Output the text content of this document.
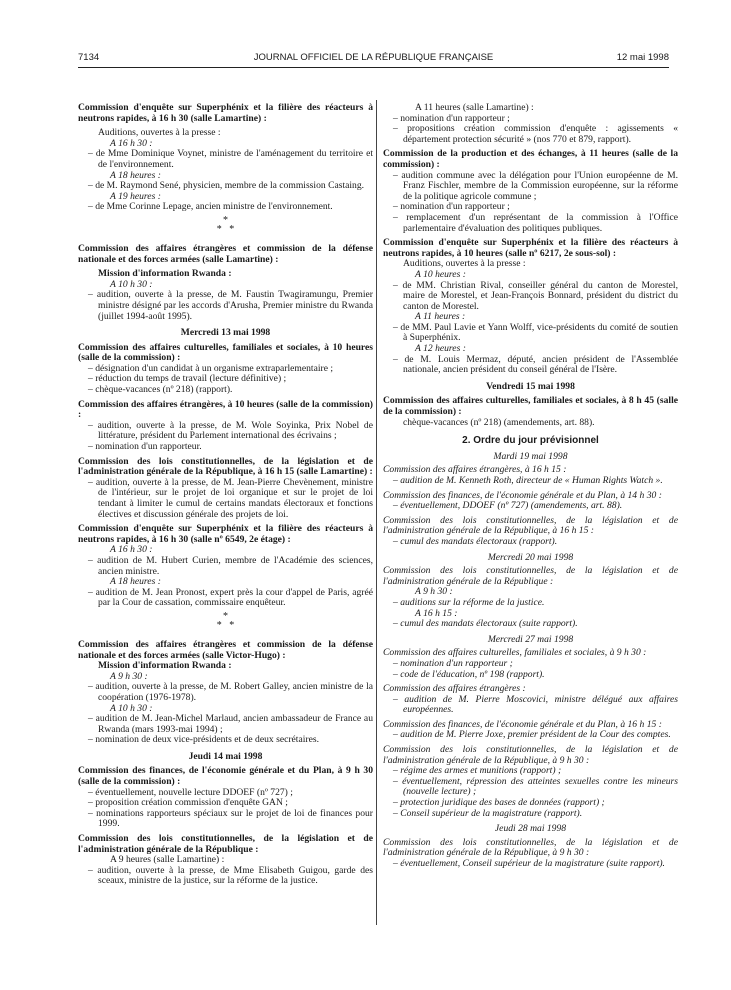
7134	JOURNAL OFFICIEL DE LA RÉPUBLIQUE FRANÇAISE	12 mai 1998
Commission d'enquête sur Superphénix et la filière des réacteurs à neutrons rapides, à 16 h 30 (salle Lamartine) :
Auditions, ouvertes à la presse :
A 16 h 30 :
– de Mme Dominique Voynet, ministre de l'aménagement du territoire et de l'environnement.
A 18 heures :
– de M. Raymond Sené, physicien, membre de la commission Castaing.
A 19 heures :
– de Mme Corinne Lepage, ancien ministre de l'environnement.
*
*   *
Commission des affaires étrangères et commission de la défense nationale et des forces armées (salle Lamartine) :
Mission d'information Rwanda :
A 10 h 30 :
– audition, ouverte à la presse, de M. Faustin Twagiramungu, Premier ministre désigné par les accords d'Arusha, Premier ministre du Rwanda (juillet 1994-août 1995).
Mercredi 13 mai 1998
Commission des affaires culturelles, familiales et sociales, à 10 heures (salle de la commission) :
– désignation d'un candidat à un organisme extraparlementaire ;
– réduction du temps de travail (lecture définitive) ;
– chèque-vacances (nº 218) (rapport).
Commission des affaires étrangères, à 10 heures (salle de la commission) :
– audition, ouverte à la presse, de M. Wole Soyinka, Prix Nobel de littérature, président du Parlement international des écrivains ;
– nomination d'un rapporteur.
Commission des lois constitutionnelles, de la législation et de l'administration générale de la République, à 16 h 15 (salle Lamartine) :
– audition, ouverte à la presse, de M. Jean-Pierre Chevènement, ministre de l'intérieur, sur le projet de loi organique et sur le projet de loi tendant à limiter le cumul de certains mandats électoraux et fonctions électives et discussion générale des projets de loi.
Commission d'enquête sur Superphénix et la filière des réacteurs à neutrons rapides, à 16 h 30 (salle nº 6549, 2e étage) :
A 16 h 30 :
– audition de M. Hubert Curien, membre de l'Académie des sciences, ancien ministre.
A 18 heures :
– audition de M. Jean Pronost, expert près la cour d'appel de Paris, agréé par la Cour de cassation, commissaire enquêteur.
*
*   *
Commission des affaires étrangères et commission de la défense nationale et des forces armées (salle Victor-Hugo) :
Mission d'information Rwanda :
A 9 h 30 :
– audition, ouverte à la presse, de M. Robert Galley, ancien ministre de la coopération (1976-1978).
A 10 h 30 :
– audition de M. Jean-Michel Marlaud, ancien ambassadeur de France au Rwanda (mars 1993-mai 1994) ;
– nomination de deux vice-présidents et de deux secrétaires.
Jeudi 14 mai 1998
Commission des finances, de l'économie générale et du Plan, à 9 h 30 (salle de la commission) :
– éventuellement, nouvelle lecture DDOEF (nº 727) ;
– proposition création commission d'enquête GAN ;
– nominations rapporteurs spéciaux sur le projet de loi de finances pour 1999.
Commission des lois constitutionnelles, de la législation et de l'administration générale de la République :
A 9 heures (salle Lamartine) :
– audition, ouverte à la presse, de Mme Elisabeth Guigou, garde des sceaux, ministre de la justice, sur la réforme de la justice.
A 11 heures (salle Lamartine) :
– nomination d'un rapporteur ;
– propositions création commission d'enquête : agissements « département protection sécurité » (nos 770 et 879, rapport).
Commission de la production et des échanges, à 11 heures (salle de la commission) :
– audition commune avec la délégation pour l'Union européenne de M. Franz Fischler, membre de la Commission européenne, sur la réforme de la politique agricole commune ;
– nomination d'un rapporteur ;
– remplacement d'un représentant de la commission à l'Office parlementaire d'évaluation des politiques publiques.
Commission d'enquête sur Superphénix et la filière des réacteurs à neutrons rapides, à 10 heures (salle nº 6217, 2e sous-sol) :
Auditions, ouvertes à la presse :
A 10 heures :
– de MM. Christian Rival, conseiller général du canton de Morestel, maire de Morestel, et Jean-François Bonnard, président du district du canton de Morestel.
A 11 heures :
– de MM. Paul Lavie et Yann Wolff, vice-présidents du comité de soutien à Superphénix.
A 12 heures :
– de M. Louis Mermaz, député, ancien président de l'Assemblée nationale, ancien président du conseil général de l'Isère.
Vendredi 15 mai 1998
Commission des affaires culturelles, familiales et sociales, à 8 h 45 (salle de la commission) :
chèque-vacances (nº 218) (amendements, art. 88).
2. Ordre du jour prévisionnel
Mardi 19 mai 1998
Commission des affaires étrangères, à 16 h 15 :
– audition de M. Kenneth Roth, directeur de « Human Rights Watch ».
Commission des finances, de l'économie générale et du Plan, à 14 h 30 :
– éventuellement, DDOEF (nº 727) (amendements, art. 88).
Commission des lois constitutionnelles, de la législation et de l'administration générale de la République, à 16 h 15 :
– cumul des mandats électoraux (rapport).
Mercredi 20 mai 1998
Commission des lois constitutionnelles, de la législation et de l'administration générale de la République :
A 9 h 30 :
– auditions sur la réforme de la justice.
A 16 h 15 :
– cumul des mandats électoraux (suite rapport).
Mercredi 27 mai 1998
Commission des affaires culturelles, familiales et sociales, à 9 h 30 :
– nomination d'un rapporteur ;
– code de l'éducation, nº 198 (rapport).
Commission des affaires étrangères :
– audition de M. Pierre Moscovici, ministre délégué aux affaires européennes.
Commission des finances, de l'économie générale et du Plan, à 16 h 15 :
– audition de M. Pierre Joxe, premier président de la Cour des comptes.
Commission des lois constitutionnelles, de la législation et de l'administration générale de la République, à 9 h 30 :
– régime des armes et munitions (rapport) ;
– éventuellement, répression des atteintes sexuelles contre les mineurs (nouvelle lecture) ;
– protection juridique des bases de données (rapport) ;
– Conseil supérieur de la magistrature (rapport).
Jeudi 28 mai 1998
Commission des lois constitutionnelles, de la législation et de l'administration générale de la République, à 9 h 30 :
– éventuellement, Conseil supérieur de la magistrature (suite rapport).
